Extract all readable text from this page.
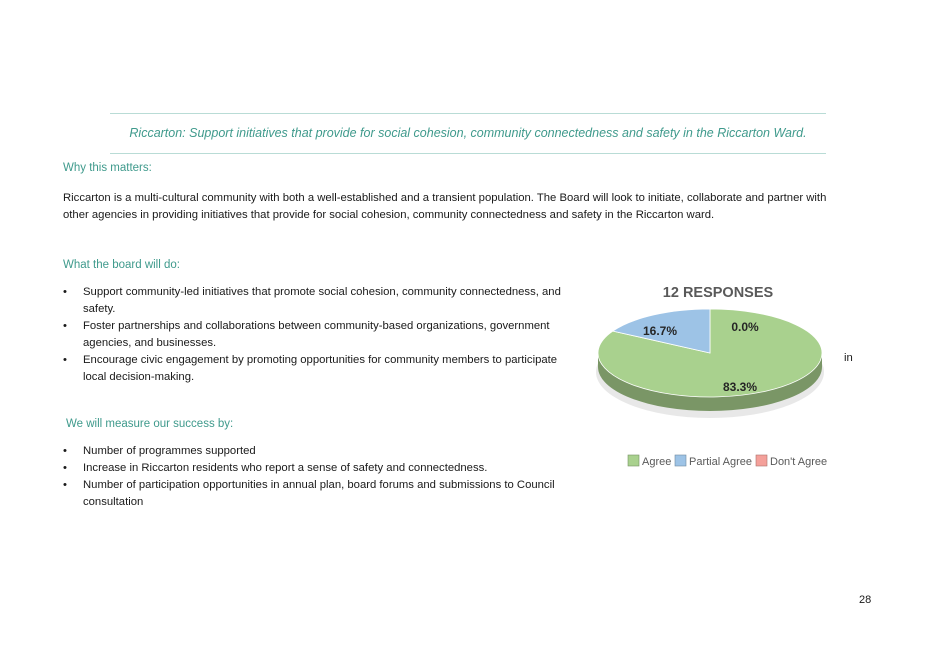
Riccarton: Support initiatives that provide for social cohesion, community connectedness and safety in the Riccarton Ward.
Why this matters:
Riccarton is a multi-cultural community with both a well-established and a transient population. The Board will look to initiate, collaborate and partner with
other agencies in providing initiatives that provide for social cohesion, community connectedness and safety in the Riccarton ward.
What the board will do:
• Support community-led initiatives that promote social cohesion, community connectedness, and
safety.
• Foster partnerships and collaborations between community-based organizations, government
agencies, and businesses.
• Encourage civic engagement by promoting opportunities for community members to participate
local decision-making.
in
We will measure our success by:
• Number of programmes supported
• Increase in Riccarton residents who report a sense of safety and connectedness.
• Number of participation opportunities in annual plan, board forums and submissions to Council
consultation
12 RESPONSES
83.3%
16.7%	0.0%
Agree Partial Agree Don't Agree
28
